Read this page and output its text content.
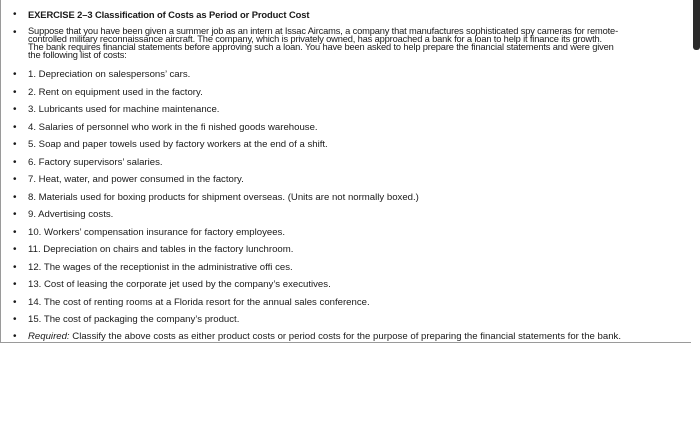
• EXERCISE 2–3 Classification of Costs as Period or Product Cost
• Suppose that you have been given a summer job as an intern at Issac Aircams, a company that manufactures sophisticated spy cameras for remote-
controlled military reconnaissance aircraft. The company, which is privately owned, has approached a bank for a loan to help it finance its growth.
The bank requires financial statements before approving such a loan. You have been asked to help prepare the financial statements and were given
the following list of costs:
• 1. Depreciation on salespersons’ cars.
• 2. Rent on equipment used in the factory.
• 3. Lubricants used for machine maintenance.
• 4. Salaries of personnel who work in the fi nished goods warehouse.
• 5. Soap and paper towels used by factory workers at the end of a shift.
• 6. Factory supervisors’ salaries.
• 7. Heat, water, and power consumed in the factory.
• 8. Materials used for boxing products for shipment overseas. (Units are not normally boxed.)
• 9. Advertising costs.
• 10. Workers’ compensation insurance for factory employees.
• 11. Depreciation on chairs and tables in the factory lunchroom.
• 12. The wages of the receptionist in the administrative offi ces.
• 13. Cost of leasing the corporate jet used by the company’s executives.
• 14. The cost of renting rooms at a Florida resort for the annual sales conference.
• 15. The cost of packaging the company’s product.
• Required: Classify the above costs as either product costs or period costs for the purpose of preparing the financial statements for the bank.
